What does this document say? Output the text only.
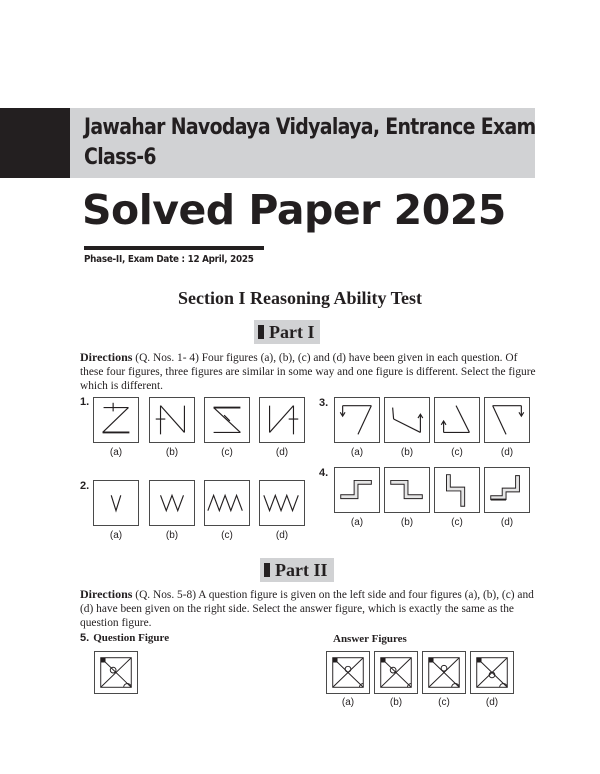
Jawahar Navodaya Vidyalaya, Entrance Exam
Class-6
Solved Paper 2025
Phase-II, Exam Date : 12 April, 2025
Section I Reasoning Ability Test
Part I
Directions (Q. Nos. 1- 4) Four figures (a), (b), (c) and (d) have been given in each question. Of these four figures, three figures are similar in some way and one figure is different. Select the figure which is different.
1.
(a)	(b)	(c)	(d)
3.
(a)	(b)	(c)	(d)
2.
(a)	(b)	(c)	(d)
4.
(a)	(b)	(c)	(d)
Part II
Directions (Q. Nos. 5-8) A question figure is given on the left side and four figures (a), (b), (c) and (d) have been given on the right side. Select the answer figure, which is exactly the same as the question figure.
5. Question Figure	Answer Figures
(a)	(b)	(c)	(d)
